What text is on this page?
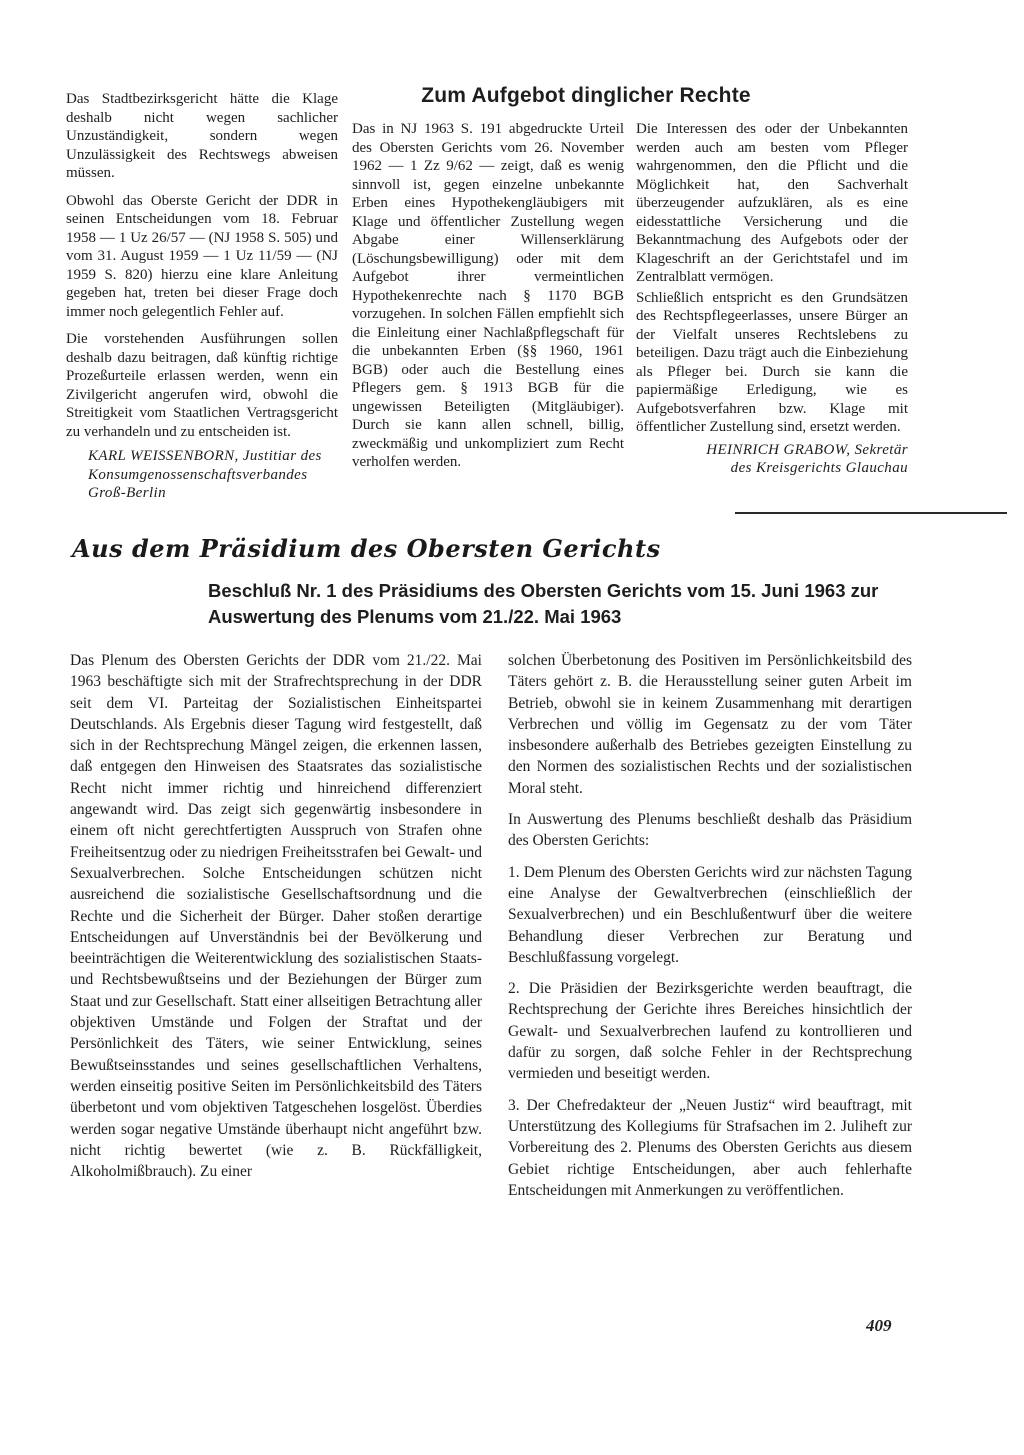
Das Stadtbezirksgericht hätte die Klage deshalb nicht wegen sachlicher Unzuständigkeit, sondern wegen Unzulässigkeit des Rechtswegs abweisen müssen.

Obwohl das Oberste Gericht der DDR in seinen Entscheidungen vom 18. Februar 1958 — 1 Uz 26/57 — (NJ 1958 S. 505) und vom 31. August 1959 — 1 Uz 11/59 — (NJ 1959 S. 820) hierzu eine klare Anleitung gegeben hat, treten bei dieser Frage doch immer noch gelegentlich Fehler auf.

Die vorstehenden Ausführungen sollen deshalb dazu beitragen, daß künftig richtige Prozeßurteile erlassen werden, wenn ein Zivilgericht angerufen wird, obwohl die Streitigkeit vom Staatlichen Vertragsgericht zu verhandeln und zu entscheiden ist.

KARL WEISSENBORN, Justitiar des Konsumgenossenschaftsverbandes Groß-Berlin

Zum Aufgebot dinglicher Rechte

Das in NJ 1963 S. 191 abgedruckte Urteil des Obersten Gerichts vom 26. November 1962 — 1 Zz 9/62 — zeigt, daß es wenig sinnvoll ist, gegen einzelne unbekannte Erben eines Hypothekengläubigers mit Klage und öffentlicher Zustellung wegen Abgabe einer Willenserklärung (Löschungsbewilligung) oder mit dem Aufgebot ihrer vermeintlichen Hypothekenrechte nach § 1170 BGB vorzugehen. In solchen Fällen empfiehlt sich die Einleitung einer Nachlaßpflegschaft für die unbekannten Erben (§§ 1960, 1961 BGB) oder auch die Bestellung eines Pflegers gem. § 1913 BGB für die ungewissen Beteiligten (Mitgläubiger). Durch sie kann allen schnell, billig, zweckmäßig und unkompliziert zum Recht verholfen werden.

Die Interessen des oder der Unbekannten werden auch am besten vom Pfleger wahrgenommen, den die Pflicht und die Möglichkeit hat, den Sachverhalt überzeugender aufzuklären, als es eine eidesstattliche Versicherung und die Bekanntmachung des Aufgebots oder der Klageschrift an der Gerichtstafel und im Zentralblatt vermögen.

Schließlich entspricht es den Grundsätzen des Rechtspflegeerlasses, unsere Bürger an der Vielfalt unseres Rechtslebens zu beteiligen. Dazu trägt auch die Einbeziehung als Pfleger bei. Durch sie kann die papiermäßige Erledigung, wie es Aufgebotsverfahren bzw. Klage mit öffentlicher Zustellung sind, ersetzt werden.

HEINRICH GRABOW, Sekretär des Kreisgerichts Glauchau

Aus dem Präsidium des Obersten Gerichts
Beschluß Nr. 1 des Präsidiums des Obersten Gerichts vom 15. Juni 1963 zur Auswertung des Plenums vom 21./22. Mai 1963

Das Plenum des Obersten Gerichts der DDR vom 21./22. Mai 1963 beschäftigte sich mit der Strafrechtsprechung in der DDR seit dem VI. Parteitag der Sozialistischen Einheitspartei Deutschlands. Als Ergebnis dieser Tagung wird festgestellt, daß sich in der Rechtsprechung Mängel zeigen, die erkennen lassen, daß entgegen den Hinweisen des Staatsrates das sozialistische Recht nicht immer richtig und hinreichend differenziert angewandt wird. Das zeigt sich gegenwärtig insbesondere in einem oft nicht gerechtfertigten Ausspruch von Strafen ohne Freiheitsentzug oder zu niedrigen Freiheitsstrafen bei Gewalt- und Sexualverbrechen. Solche Entscheidungen schützen nicht ausreichend die sozialistische Gesellschaftsordnung und die Rechte und die Sicherheit der Bürger. Daher stoßen derartige Entscheidungen auf Unverständnis bei der Bevölkerung und beeinträchtigen die Weiterentwicklung des sozialistischen Staats- und Rechtsbewußtseins und der Beziehungen der Bürger zum Staat und zur Gesellschaft. Statt einer allseitigen Betrachtung aller objektiven Umstände und Folgen der Straftat und der Persönlichkeit des Täters, wie seiner Entwicklung, seines Bewußtseinsstandes und seines gesellschaftlichen Verhaltens, werden einseitig positive Seiten im Persönlichkeitsbild des Täters überbetont und vom objektiven Tatgeschehen losgelöst. Überdies werden sogar negative Umstände überhaupt nicht angeführt bzw. nicht richtig bewertet (wie z. B. Rückfälligkeit, Alkoholmißbrauch). Zu einer

solchen Überbetonung des Positiven im Persönlichkeitsbild des Täters gehört z. B. die Herausstellung seiner guten Arbeit im Betrieb, obwohl sie in keinem Zusammenhang mit derartigen Verbrechen und völlig im Gegensatz zu der vom Täter insbesondere außerhalb des Betriebes gezeigten Einstellung zu den Normen des sozialistischen Rechts und der sozialistischen Moral steht.

In Auswertung des Plenums beschließt deshalb das Präsidium des Obersten Gerichts:

1. Dem Plenum des Obersten Gerichts wird zur nächsten Tagung eine Analyse der Gewaltverbrechen (einschließlich der Sexualverbrechen) und ein Beschlußentwurf über die weitere Behandlung dieser Verbrechen zur Beratung und Beschlußfassung vorgelegt.

2. Die Präsidien der Bezirksgerichte werden beauftragt, die Rechtsprechung der Gerichte ihres Bereiches hinsichtlich der Gewalt- und Sexualverbrechen laufend zu kontrollieren und dafür zu sorgen, daß solche Fehler in der Rechtsprechung vermieden und beseitigt werden.

3. Der Chefredakteur der „Neuen Justiz“ wird beauftragt, mit Unterstützung des Kollegiums für Strafsachen im 2. Juliheft zur Vorbereitung des 2. Plenums des Obersten Gerichts aus diesem Gebiet richtige Entscheidungen, aber auch fehlerhafte Entscheidungen mit Anmerkungen zu veröffentlichen.

409
